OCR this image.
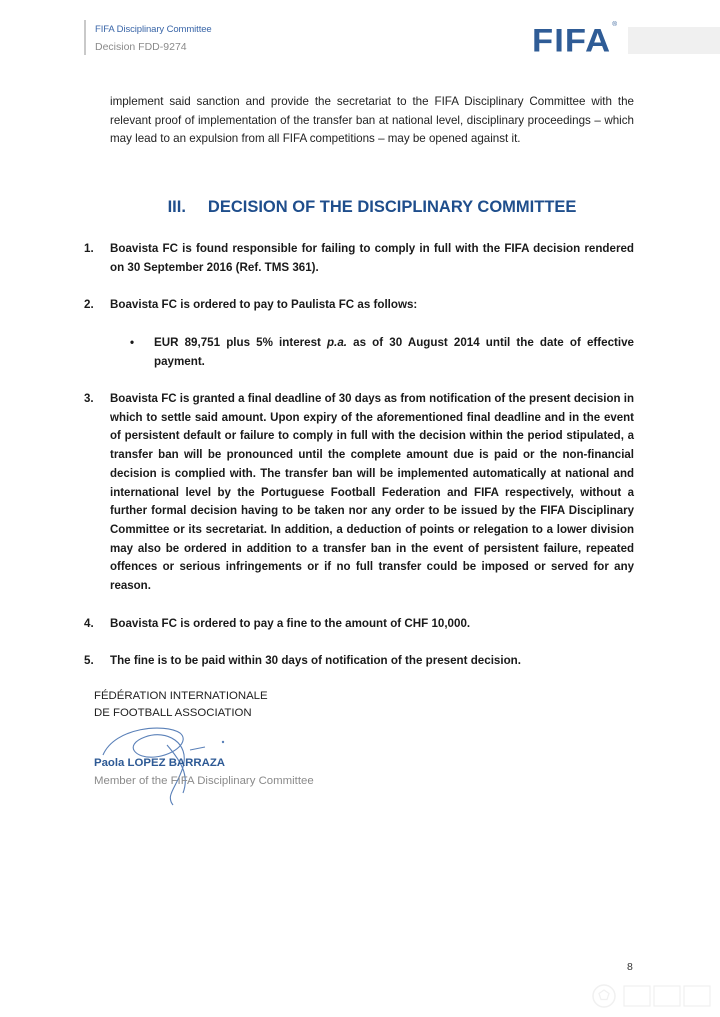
FIFA Disciplinary Committee
Decision FDD-9274	FIFA®
implement said sanction and provide the secretariat to the FIFA Disciplinary Committee with the relevant proof of implementation of the transfer ban at national level, disciplinary proceedings – which may lead to an expulsion from all FIFA competitions – may be opened against it.
III. DECISION OF THE DISCIPLINARY COMMITTEE
1. Boavista FC is found responsible for failing to comply in full with the FIFA decision rendered on 30 September 2016 (Ref. TMS 361).
2. Boavista FC is ordered to pay to Paulista FC as follows:
• EUR 89,751 plus 5% interest p.a. as of 30 August 2014 until the date of effective payment.
3. Boavista FC is granted a final deadline of 30 days as from notification of the present decision in which to settle said amount. Upon expiry of the aforementioned final deadline and in the event of persistent default or failure to comply in full with the decision within the period stipulated, a transfer ban will be pronounced until the complete amount due is paid or the non-financial decision is complied with. The transfer ban will be implemented automatically at national and international level by the Portuguese Football Federation and FIFA respectively, without a further formal decision having to be taken nor any order to be issued by the FIFA Disciplinary Committee or its secretariat. In addition, a deduction of points or relegation to a lower division may also be ordered in addition to a transfer ban in the event of persistent failure, repeated offences or serious infringements or if no full transfer could be imposed or served for any reason.
4. Boavista FC is ordered to pay a fine to the amount of CHF 10,000.
5. The fine is to be paid within 30 days of notification of the present decision.
FÉDÉRATION INTERNATIONALE
DE FOOTBALL ASSOCIATION
Paola LOPEZ BARRAZA
Member of the FIFA Disciplinary Committee
8
